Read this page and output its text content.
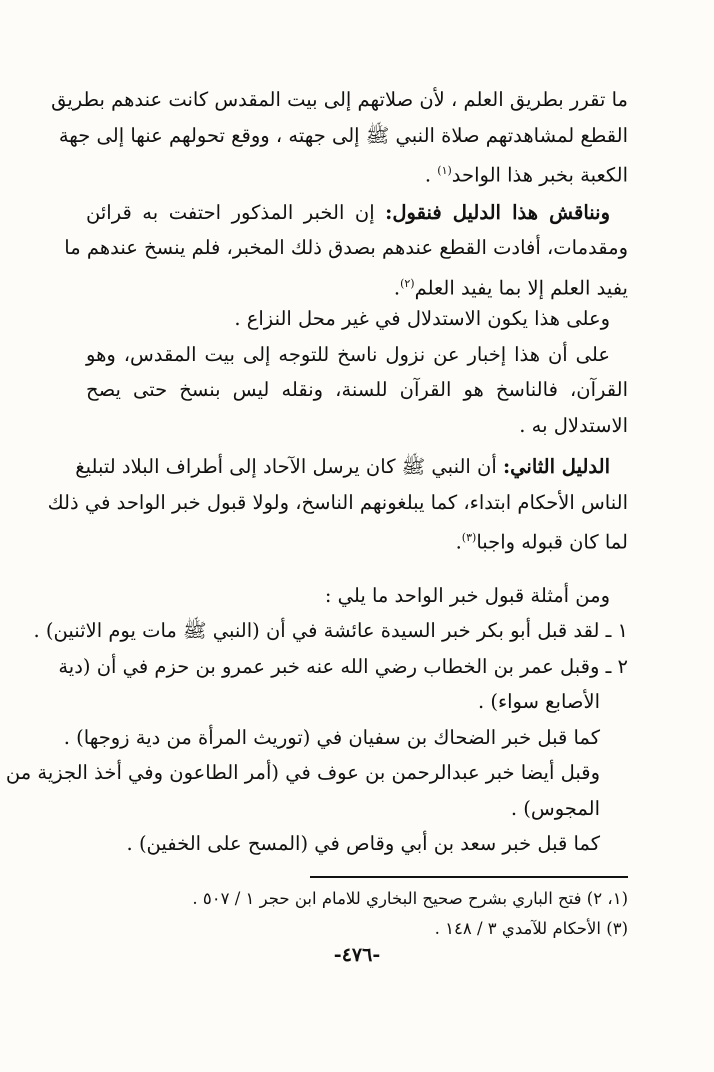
ما تقرر بطريق العلم ، لأن صلاتهم إلى بيت المقدس كانت عندهم بطريق
القطع لمشاهدتهم صلاة النبي ﷺ إلى جهته ، ووقع تحولهم عنها إلى جهة
الكعبة بخبر هذا الواحد$^{(١)}$ .
ونناقش هذا الدليل فنقول: إن الخبر المذكور احتفت به قرائن
ومقدمات، أفادت القطع عندهم بصدق ذلك المخبر، فلم ينسخ عندهم ما
يفيد العلم إلا بما يفيد العلم$^{(٢)}$.
وعلى هذا يكون الاستدلال في غير محل النزاع .
على أن هذا إخبار عن نزول ناسخ للتوجه إلى بيت المقدس، وهو
القرآن، فالناسخ هو القرآن للسنة، ونقله ليس بنسخ حتى يصح
الاستدلال به .
الدليل الثاني: أن النبي ﷺ كان يرسل الآحاد إلى أطراف البلاد لتبليغ
الناس الأحكام ابتداء، كما يبلغونهم الناسخ، ولولا قبول خبر الواحد في ذلك
لما كان قبوله واجبا$^{(٣)}$.
ومن أمثلة قبول خبر الواحد ما يلي :
١ ـ لقد قبل أبو بكر خبر السيدة عائشة في أن (النبي ﷺ مات يوم الاثنين) .
٢ ـ وقبل عمر بن الخطاب رضي الله عنه خبر عمرو بن حزم في أن (دية
الأصابع سواء) .
كما قبل خبر الضحاك بن سفيان في (توريث المرأة من دية زوجها) .
وقبل أيضا خبر عبدالرحمن بن عوف في (أمر الطاعون وفي أخذ الجزية من
المجوس) .
كما قبل خبر سعد بن أبي وقاص في (المسح على الخفين) .
(١، ٢) فتح الباري بشرح صحيح البخاري للامام ابن حجر ١ / ٥٠٧ .
(٣) الأحكام للآمدي ٣ / ١٤٨ .
-٤٧٦-
